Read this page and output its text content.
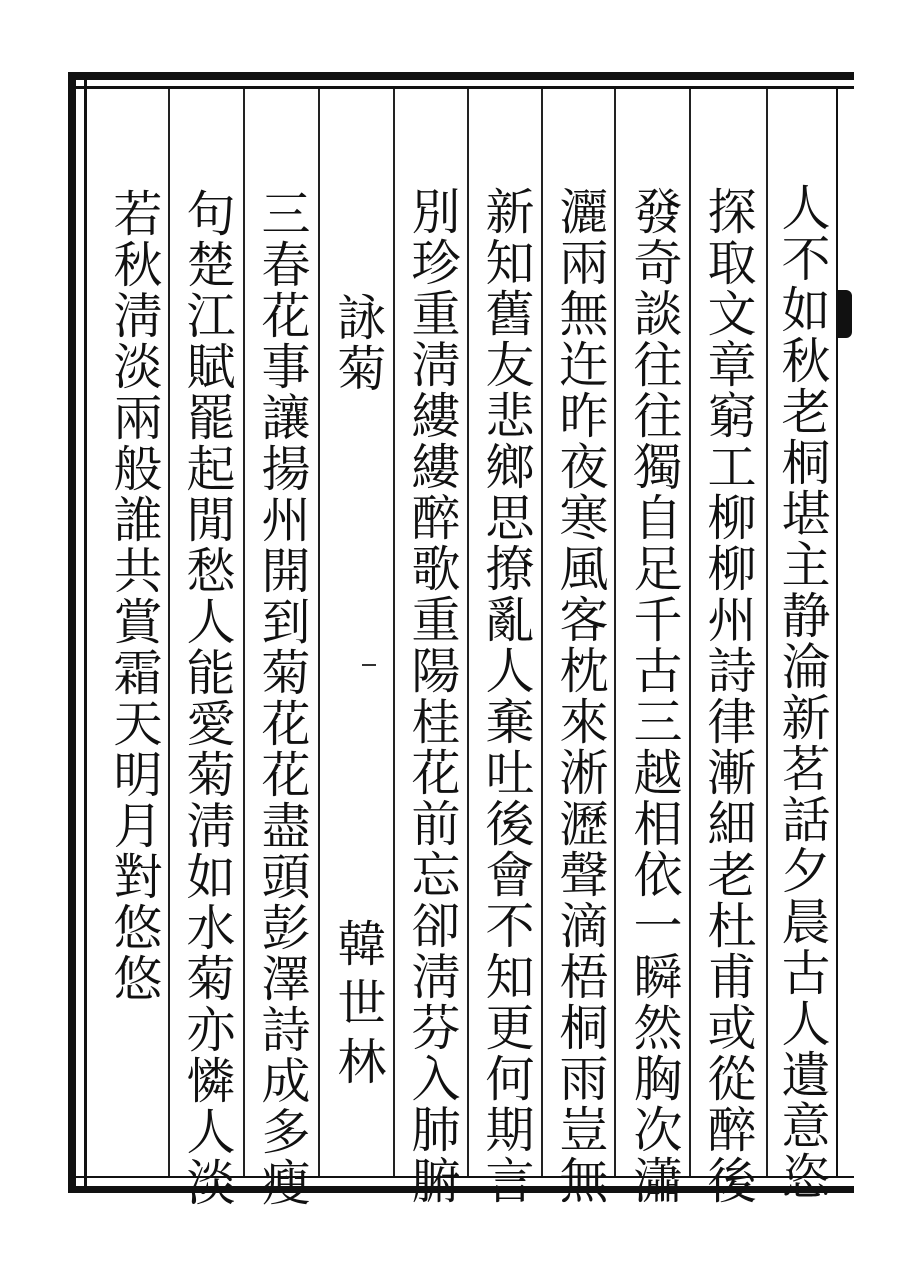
人不如秋老桐堪主静淪新茗話夕晨古人遺意恣
探取文章窮工柳柳州詩律漸細老杜甫或從醉後
發奇談往往獨自足千古三越相依一瞬然胸次瀟
灑兩無迕昨夜寒風客枕來淅瀝聲滴梧桐雨豈無
新知舊友悲鄉思撩亂人棄吐後會不知更何期言
別珍重淸縷縷醉歌重陽桂花前忘卻淸芬入肺腑
詠菊
韓世林
三春花事讓揚州開到菊花花盡頭彭澤詩成多瘦
句楚江賦罷起閒愁人能愛菊淸如水菊亦憐人淡
若秋淸淡兩般誰共賞霜天明月對悠悠
